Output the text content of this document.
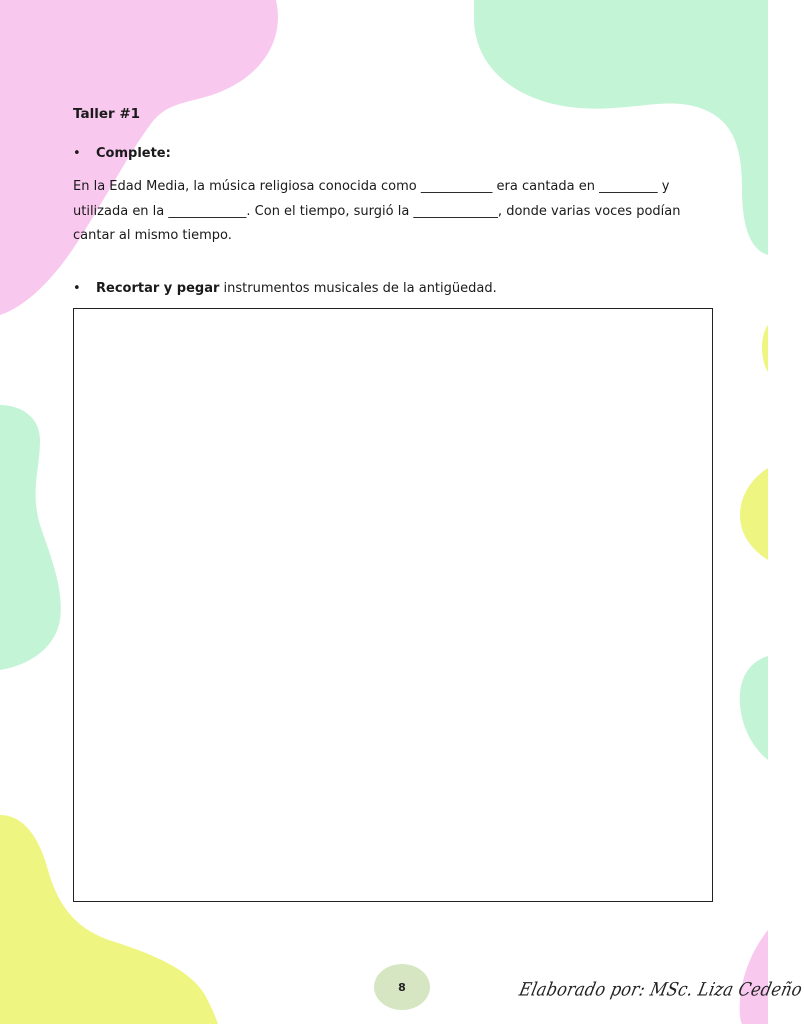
Taller #1

• Complete:
En la Edad Media, la música religiosa conocida como ___________ era cantada en _________ y utilizada en la ____________. Con el tiempo, surgió la _____________, donde varias voces podían cantar al mismo tiempo.
• Recortar y pegar instrumentos musicales de la antigüedad.
8	Elaborado por: MSc. Liza Cedeño
